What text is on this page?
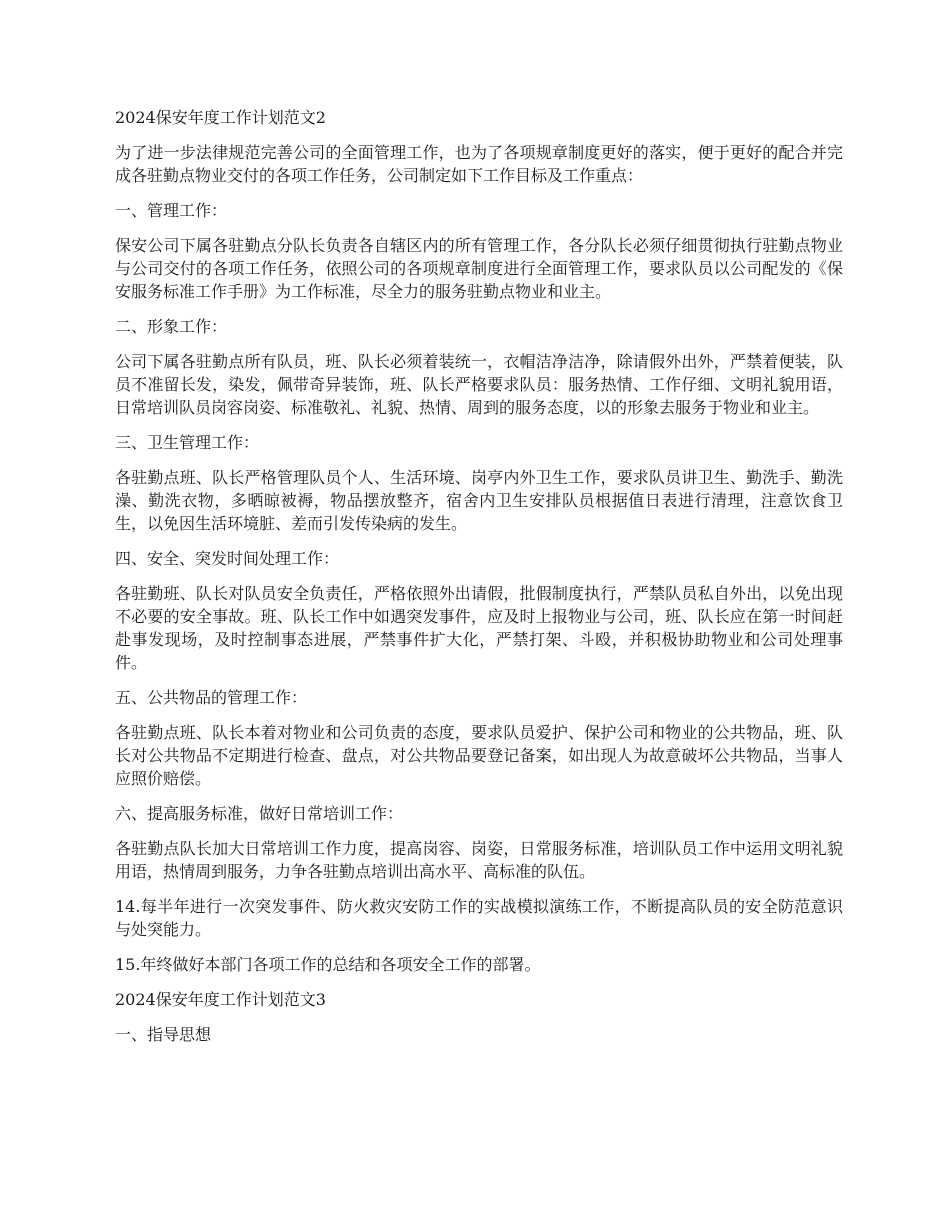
2024保安年度工作计划范文2
为了进一步法律规范完善公司的全面管理工作，也为了各项规章制度更好的落实，便于更好的配合并完成各驻勤点物业交付的各项工作任务，公司制定如下工作目标及工作重点：
一、管理工作：
保安公司下属各驻勤点分队长负责各自辖区内的所有管理工作，各分队长必须仔细贯彻执行驻勤点物业与公司交付的各项工作任务，依照公司的各项规章制度进行全面管理工作，要求队员以公司配发的《保安服务标准工作手册》为工作标准，尽全力的服务驻勤点物业和业主。
二、形象工作：
公司下属各驻勤点所有队员，班、队长必须着装统一，衣帽洁净洁净，除请假外出外，严禁着便装，队员不准留长发，染发，佩带奇异装饰，班、队长严格要求队员：服务热情、工作仔细、文明礼貌用语，日常培训队员岗容岗姿、标准敬礼、礼貌、热情、周到的服务态度，以的形象去服务于物业和业主。
三、卫生管理工作：
各驻勤点班、队长严格管理队员个人、生活环境、岗亭内外卫生工作，要求队员讲卫生、勤洗手、勤洗澡、勤洗衣物，多晒晾被褥，物品摆放整齐，宿舍内卫生安排队员根据值日表进行清理，注意饮食卫生，以免因生活环境脏、差而引发传染病的发生。
四、安全、突发时间处理工作：
各驻勤班、队长对队员安全负责任，严格依照外出请假，批假制度执行，严禁队员私自外出，以免出现不必要的安全事故。班、队长工作中如遇突发事件，应及时上报物业与公司，班、队长应在第一时间赶赴事发现场，及时控制事态进展，严禁事件扩大化，严禁打架、斗殴，并积极协助物业和公司处理事件。
五、公共物品的管理工作：
各驻勤点班、队长本着对物业和公司负责的态度，要求队员爱护、保护公司和物业的公共物品，班、队长对公共物品不定期进行检查、盘点，对公共物品要登记备案，如出现人为故意破坏公共物品，当事人应照价赔偿。
六、提高服务标准，做好日常培训工作：
各驻勤点队长加大日常培训工作力度，提高岗容、岗姿，日常服务标准，培训队员工作中运用文明礼貌用语，热情周到服务，力争各驻勤点培训出高水平、高标准的队伍。
14.每半年进行一次突发事件、防火救灾安防工作的实战模拟演练工作，不断提高队员的安全防范意识与处突能力。
15.年终做好本部门各项工作的总结和各项安全工作的部署。
2024保安年度工作计划范文3
一、指导思想
